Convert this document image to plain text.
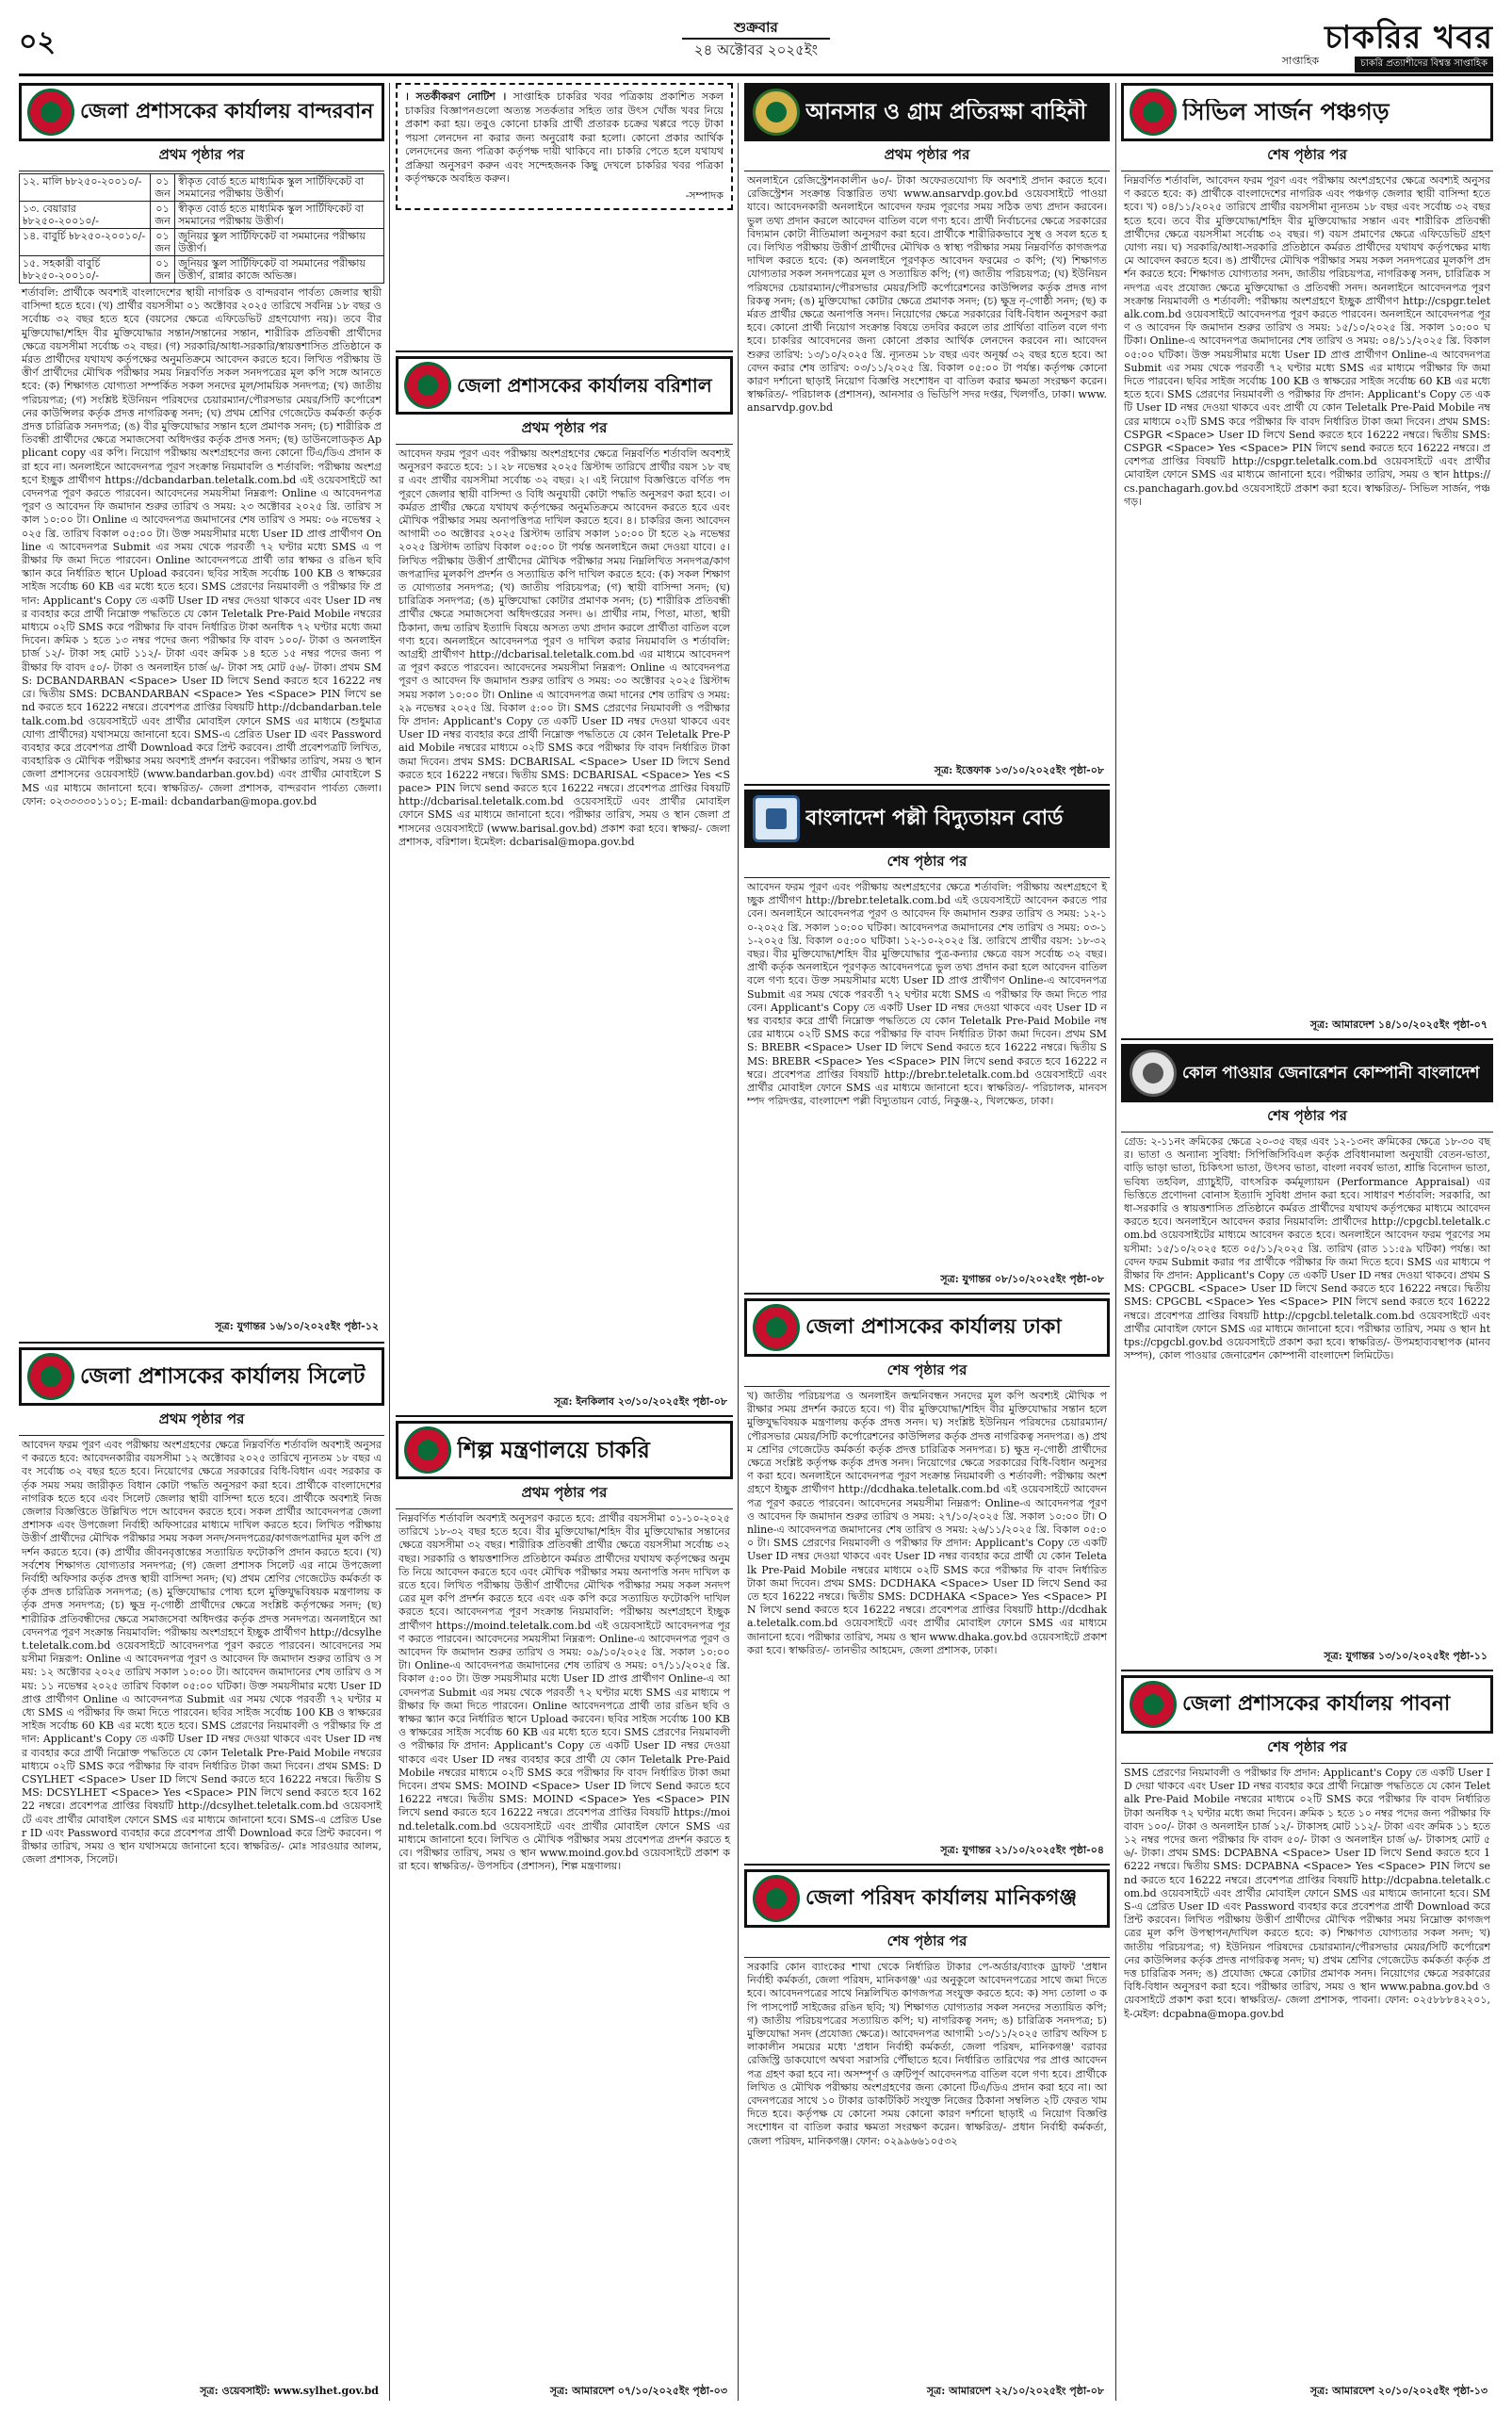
০২	শুক্রবার
২৪ অক্টোবর ২০২৫ইং
সাপ্তাহিক
চাকরির খবর
চাকরি প্রত্যাশীদের বিশ্বস্ত সাপ্তাহিক
জেলা প্রশাসকের কার্যালয় বান্দরবান
প্রথম পৃষ্ঠার পর
১২. মালি ৳৮২৫০-২০০১০/-	০১ জন	স্বীকৃত বোর্ড হতে মাধ্যমিক স্কুল সার্টিফিকেট বা সমমানের পরীক্ষায় উত্তীর্ণ।
১৩. বেয়ারার ৳৮২৫০-২০০১০/-	০১ জন	স্বীকৃত বোর্ড হতে মাধ্যমিক স্কুল সার্টিফিকেট বা সমমানের পরীক্ষায় উত্তীর্ণ।
১৪. বাবুর্চি ৳৮২৫০-২০০১০/-	০১ জন	জুনিয়র স্কুল সার্টিফিকেট বা সমমানের পরীক্ষায় উত্তীর্ণ।
১৫. সহকারী বাবুর্চি ৳৮২৫০-২০০১০/-	০১ জন	জুনিয়র স্কুল সার্টিফিকেট বা সমমানের পরীক্ষায় উত্তীর্ণ, রান্নার কাজে অভিজ্ঞ।
শর্তাবলি: প্রার্থীকে অবশ্যই বাংলাদেশের স্থায়ী নাগরিক ও বান্দরবান পার্বত্য জেলার স্থায়ী বাসিন্দা হতে হবে। (খ) প্রার্থীর বয়সসীমা ০১ অক্টোবর ২০২৫ তারিখে সর্বনিম্ন ১৮ বছর ও সর্বোচ্চ ৩২ বছর হতে হবে (বয়সের ক্ষেত্রে এফিডেভিট গ্রহণযোগ্য নয়)। তবে বীর মুক্তিযোদ্ধা/শহিদ বীর মুক্তিযোদ্ধার সন্তান/সন্তানের সন্তান, শারীরিক প্রতিবন্ধী প্রার্থীদের ক্ষেত্রে বয়সসীমা সর্বোচ্চ ৩২ বছর। (গ) সরকারি/আধা-সরকারি/স্বায়ত্তশাসিত প্রতিষ্ঠানে কর্মরত প্রার্থীদের যথাযথ কর্তৃপক্ষের অনুমতিক্রমে আবেদন করতে হবে। লিখিত পরীক্ষায় উত্তীর্ণ প্রার্থীদের মৌখিক পরীক্ষার সময় নিম্নবর্ণিত সকল সনদপত্রের মূল কপি সঙ্গে আনতে হবে: (ক) শিক্ষাগত যোগ্যতা সম্পর্কিত সকল সনদের মূল/সাময়িক সনদপত্র; (খ) জাতীয় পরিচয়পত্র; (গ) সংশ্লিষ্ট ইউনিয়ন পরিষদের চেয়ারম্যান/পৌরসভার মেয়র/সিটি কর্পোরেশনের কাউন্সিলর কর্তৃক প্রদত্ত নাগরিকত্ব সনদ; (ঘ) প্রথম শ্রেণির গেজেটেড কর্মকর্তা কর্তৃক প্রদত্ত চারিত্রিক সনদপত্র; (ঙ) বীর মুক্তিযোদ্ধার সন্তান হলে প্রমাণক সনদ; (চ) শারীরিক প্রতিবন্ধী প্রার্থীদের ক্ষেত্রে সমাজসেবা অধিদপ্তর কর্তৃক প্রদত্ত সনদ; (ছ) ডাউনলোডকৃত Applicant copy এর কপি। নিয়োগ পরীক্ষায় অংশগ্রহণের জন্য কোনো টিএ/ডিএ প্রদান করা হবে না। অনলাইনে আবেদনপত্র পূরণ সংক্রান্ত নিয়মাবলি ও শর্তাবলি: পরীক্ষায় অংশগ্রহণে ইচ্ছুক প্রার্থীগণ https://dcbandarban.teletalk.com.bd এই ওয়েবসাইটে আবেদনপত্র পূরণ করতে পারবেন। আবেদনের সময়সীমা নিম্নরূপ: Online এ আবেদনপত্র পূরণ ও আবেদন ফি জমাদান শুরুর তারিখ ও সময়: ২৩ অক্টোবর ২০২৫ খ্রি. তারিখ সকাল ১০:০০ টা। Online এ আবেদনপত্র জমাদানের শেষ তারিখ ও সময়: ০৬ নভেম্বর ২০২৫ খ্রি. তারিখ বিকাল ০৫:০০ টা। উক্ত সময়সীমার মধ্যে User ID প্রাপ্ত প্রার্থীগণ Online এ আবেদনপত্র Submit এর সময় থেকে পরবর্তী ৭২ ঘণ্টার মধ্যে SMS এ পরীক্ষার ফি জমা দিতে পারবেন। Online আবেদনপত্রে প্রার্থী তার স্বাক্ষর ও রঙিন ছবি স্ক্যান করে নির্ধারিত স্থানে Upload করবেন। ছবির সাইজ সর্বোচ্চ 100 KB ও স্বাক্ষরের সাইজ সর্বোচ্চ 60 KB এর মধ্যে হতে হবে। SMS প্রেরণের নিয়মাবলী ও পরীক্ষার ফি প্রদান: Applicant's Copy তে একটি User ID নম্বর দেওয়া থাকবে এবং User ID নম্বর ব্যবহার করে প্রার্থী নিম্নোক্ত পদ্ধতিতে যে কোন Teletalk Pre-Paid Mobile নম্বরের মাধ্যমে ০২টি SMS করে পরীক্ষার ফি বাবদ নির্ধারিত টাকা অনধিক ৭২ ঘণ্টার মধ্যে জমা দিবেন। ক্রমিক ১ হতে ১৩ নম্বর পদের জন্য পরীক্ষার ফি বাবদ ১০০/- টাকা ও অনলাইন চার্জ ১২/- টাকা সহ মোট ১১২/- টাকা এবং ক্রমিক ১৪ হতে ১৫ নম্বর পদের জন্য পরীক্ষার ফি বাবদ ৫০/- টাকা ও অনলাইন চার্জ ৬/- টাকা সহ মোট ৫৬/- টাকা। প্রথম SMS: DCBANDARBAN <Space> User ID লিখে Send করতে হবে 16222 নম্বরে। দ্বিতীয় SMS: DCBANDARBAN <Space> Yes <Space> PIN লিখে send করতে হবে 16222 নম্বরে। প্রবেশপত্র প্রাপ্তির বিষয়টি http://dcbandarban.teletalk.com.bd ওয়েবসাইটে এবং প্রার্থীর মোবাইল ফোনে SMS এর মাধ্যমে (শুধুমাত্র যোগ্য প্রার্থীদের) যথাসময়ে জানানো হবে। SMS-এ প্রেরিত User ID এবং Password ব্যবহার করে প্রবেশপত্র প্রার্থী Download করে প্রিন্ট করবেন। প্রার্থী প্রবেশপত্রটি লিখিত, ব্যবহারিক ও মৌখিক পরীক্ষার সময় অবশ্যই প্রদর্শন করবেন। পরীক্ষার তারিখ, সময় ও স্থান জেলা প্রশাসনের ওয়েবসাইট (www.bandarban.gov.bd) এবং প্রার্থীর মোবাইলে SMS এর মাধ্যমে জানানো হবে। স্বাক্ষরিত/- জেলা প্রশাসক, বান্দরবান পার্বত্য জেলা। ফোন: ০২৩৩৩৩০১১০১; E-mail: dcbandarban@mopa.gov.bd
সূত্র: যুগান্তর ১৬/১০/২০২৫ইং পৃষ্ঠা-১২
জেলা প্রশাসকের কার্যালয় সিলেট
প্রথম পৃষ্ঠার পর
আবেদন ফরম পূরণ এবং পরীক্ষায় অংশগ্রহণের ক্ষেত্রে নিম্নবর্ণিত শর্তাবলি অবশ্যই অনুসরণ করতে হবে: আবেদনকারীর বয়সসীমা ১২ অক্টোবর ২০২৫ তারিখে ন্যূনতম ১৮ বছর এবং সর্বোচ্চ ৩২ বছর হতে হবে। নিয়োগের ক্ষেত্রে সরকারের বিধি-বিধান এবং সরকার কর্তৃক সময় সময় জারীকৃত বিধান কোটা পদ্ধতি অনুসরণ করা হবে। প্রার্থীকে বাংলাদেশের নাগরিক হতে হবে এবং সিলেট জেলার স্থায়ী বাসিন্দা হতে হবে। প্রার্থীকে অবশ্যই নিজ জেলার বিজ্ঞপ্তিতে উল্লিখিত পদে আবেদন করতে হবে। সকল প্রার্থীর আবেদনপত্র জেলা প্রশাসক এবং উপজেলা নির্বাহী অফিসারের মাধ্যমে দাখিল করতে হবে। লিখিত পরীক্ষায় উত্তীর্ণ প্রার্থীদের মৌখিক পরীক্ষার সময় সকল সনদ/সনদপত্রের/কাগজপত্রাদির মূল কপি প্রদর্শন করতে হবে। (ক) প্রার্থীর জীবনবৃত্তান্তের সত্যায়িত ফটোকপি প্রদান করতে হবে। (খ) সর্বশেষ শিক্ষাগত যোগ্যতার সনদপত্র; (গ) জেলা প্রশাসক সিলেট এর নামে উপজেলা নির্বাহী অফিসার কর্তৃক প্রদত্ত স্থায়ী বাসিন্দা সনদ; (ঘ) প্রথম শ্রেণির গেজেটেড কর্মকর্তা কর্তৃক প্রদত্ত চারিত্রিক সনদপত্র; (ঙ) মুক্তিযোদ্ধার পোষ্য হলে মুক্তিযুদ্ধবিষয়ক মন্ত্রণালয় কর্তৃক প্রদত্ত সনদপত্র; (চ) ক্ষুদ্র নৃ-গোষ্ঠী প্রার্থীদের ক্ষেত্রে সংশ্লিষ্ট কর্তৃপক্ষের সনদ; (ছ) শারীরিক প্রতিবন্ধীদের ক্ষেত্রে সমাজসেবা অধিদপ্তর কর্তৃক প্রদত্ত সনদপত্র। অনলাইনে আবেদনপত্র পূরণ সংক্রান্ত নিয়মাবলি: পরীক্ষায় অংশগ্রহণে ইচ্ছুক প্রার্থীগণ http://dcsylhet.teletalk.com.bd ওয়েবসাইটে আবেদনপত্র পূরণ করতে পারবেন। আবেদনের সময়সীমা নিম্নরূপ: Online এ আবেদনপত্র পূরণ ও আবেদন ফি জমাদান শুরুর তারিখ ও সময়: ১২ অক্টোবর ২০২৫ তারিখ সকাল ১০:০০ টা। আবেদন জমাদানের শেষ তারিখ ও সময়: ১১ নভেম্বর ২০২৫ তারিখ বিকাল ০৫:০০ ঘটিকা। উক্ত সময়সীমার মধ্যে User ID প্রাপ্ত প্রার্থীগণ Online এ আবেদনপত্র Submit এর সময় থেকে পরবর্তী ৭২ ঘণ্টার মধ্যে SMS এ পরীক্ষার ফি জমা দিতে পারবেন। ছবির সাইজ সর্বোচ্চ 100 KB ও স্বাক্ষরের সাইজ সর্বোচ্চ 60 KB এর মধ্যে হতে হবে। SMS প্রেরণের নিয়মাবলী ও পরীক্ষার ফি প্রদান: Applicant's Copy তে একটি User ID নম্বর দেওয়া থাকবে এবং User ID নম্বর ব্যবহার করে প্রার্থী নিম্নোক্ত পদ্ধতিতে যে কোন Teletalk Pre-Paid Mobile নম্বরের মাধ্যমে ০২টি SMS করে পরীক্ষার ফি বাবদ নির্ধারিত টাকা জমা দিবেন। প্রথম SMS: DCSYLHET <Space> User ID লিখে Send করতে হবে 16222 নম্বরে। দ্বিতীয় SMS: DCSYLHET <Space> Yes <Space> PIN লিখে send করতে হবে 16222 নম্বরে। প্রবেশপত্র প্রাপ্তির বিষয়টি http://dcsylhet.teletalk.com.bd ওয়েবসাইটে এবং প্রার্থীর মোবাইল ফোনে SMS এর মাধ্যমে জানানো হবে। SMS-এ প্রেরিত User ID এবং Password ব্যবহার করে প্রবেশপত্র প্রার্থী Download করে প্রিন্ট করবেন। পরীক্ষার তারিখ, সময় ও স্থান যথাসময়ে জানানো হবে। স্বাক্ষরিত/- মোঃ সারওয়ার আলম, জেলা প্রশাসক, সিলেট।
সূত্র: ওয়েবসাইট: www.sylhet.gov.bd
। সতর্কীকরণ নোটিশ । সাপ্তাহিক চাকরির খবর পত্রিকায় প্রকাশিত সকল চাকরির বিজ্ঞাপনগুলো অত্যন্ত সতর্কতার সহিত তার উৎস খোঁজ খবর নিয়ে প্রকাশ করা হয়। তবুও কোনো চাকরি প্রার্থী প্রতারক চক্রের খপ্পরে পড়ে টাকা পয়সা লেনদেন না করার জন্য অনুরোধ করা হলো। কোনো প্রকার আর্থিক লেনদেনের জন্য পত্রিকা কর্তৃপক্ষ দায়ী থাকিবে না। চাকরি পেতে হলে যথাযথ প্রক্রিয়া অনুসরণ করুন এবং সন্দেহজনক কিছু দেখলে চাকরির খবর পত্রিকা কর্তৃপক্ষকে অবহিত করুন।
-সম্পাদক
জেলা প্রশাসকের কার্যালয় বরিশাল
প্রথম পৃষ্ঠার পর
আবেদন ফরম পূরণ এবং পরীক্ষায় অংশগ্রহণের ক্ষেত্রে নিম্নবর্ণিত শর্তাবলি অবশ্যই অনুসরণ করতে হবে: ১। ২৮ নভেম্বর ২০২৫ খ্রিস্টাব্দ তারিখে প্রার্থীর বয়স ১৮ বছর এবং প্রার্থীর বয়সসীমা সর্বোচ্চ ৩২ বছর। ২। এই নিয়োগ বিজ্ঞপ্তিতে বর্ণিত পদ পূরণে জেলার স্থায়ী বাসিন্দা ও বিধি অনুযায়ী কোটা পদ্ধতি অনুসরণ করা হবে। ৩। কর্মরত প্রার্থীর ক্ষেত্রে যথাযথ কর্তৃপক্ষের অনুমতিক্রমে আবেদন করতে হবে এবং মৌখিক পরীক্ষার সময় অনাপত্তিপত্র দাখিল করতে হবে। ৪। চাকরির জন্য আবেদন আগামী ৩০ অক্টোবর ২০২৫ খ্রিস্টাব্দ তারিখ সকাল ১০:০০ টা হতে ২৯ নভেম্বর ২০২৫ খ্রিস্টাব্দ তারিখ বিকাল ০৫:০০ টা পর্যন্ত অনলাইনে জমা দেওয়া যাবে। ৫। লিখিত পরীক্ষায় উত্তীর্ণ প্রার্থীদের মৌখিক পরীক্ষার সময় নিম্নলিখিত সনদপত্র/কাগজপত্রাদির মূলকপি প্রদর্শন ও সত্যায়িত কপি দাখিল করতে হবে: (ক) সকল শিক্ষাগত যোগ্যতার সনদপত্র; (খ) জাতীয় পরিচয়পত্র; (গ) স্থায়ী বাসিন্দা সনদ; (ঘ) চারিত্রিক সনদপত্র; (ঙ) মুক্তিযোদ্ধা কোটার প্রমাণক সনদ; (চ) শারীরিক প্রতিবন্ধী প্রার্থীর ক্ষেত্রে সমাজসেবা অধিদপ্তরের সনদ। ৬। প্রার্থীর নাম, পিতা, মাতা, স্থায়ী ঠিকানা, জন্ম তারিখ ইত্যাদি বিষয়ে অসত্য তথ্য প্রদান করলে প্রার্থীতা বাতিল বলে গণ্য হবে। অনলাইনে আবেদনপত্র পূরণ ও দাখিল করার নিয়মাবলি ও শর্তাবলি: আগ্রহী প্রার্থীগণ http://dcbarisal.teletalk.com.bd এর মাধ্যমে আবেদনপত্র পূরণ করতে পারবেন। আবেদনের সময়সীমা নিম্নরূপ: Online এ আবেদনপত্র পূরণ ও আবেদন ফি জমাদান শুরুর তারিখ ও সময়: ৩০ অক্টোবর ২০২৫ খ্রিস্টাব্দ সময় সকাল ১০:০০ টা। Online এ আবেদনপত্র জমা দানের শেষ তারিখ ও সময়: ২৯ নভেম্বর ২০২৫ খ্রি. বিকাল ৫:০০ টা। SMS প্রেরণের নিয়মাবলী ও পরীক্ষার ফি প্রদান: Applicant's Copy তে একটি User ID নম্বর দেওয়া থাকবে এবং User ID নম্বর ব্যবহার করে প্রার্থী নিম্নোক্ত পদ্ধতিতে যে কোন Teletalk Pre-Paid Mobile নম্বরের মাধ্যমে ০২টি SMS করে পরীক্ষার ফি বাবদ নির্ধারিত টাকা জমা দিবেন। প্রথম SMS: DCBARISAL <Space> User ID লিখে Send করতে হবে 16222 নম্বরে। দ্বিতীয় SMS: DCBARISAL <Space> Yes <Space> PIN লিখে send করতে হবে 16222 নম্বরে। প্রবেশপত্র প্রাপ্তির বিষয়টি http://dcbarisal.teletalk.com.bd ওয়েবসাইটে এবং প্রার্থীর মোবাইল ফোনে SMS এর মাধ্যমে জানানো হবে। পরীক্ষার তারিখ, সময় ও স্থান জেলা প্রশাসনের ওয়েবসাইটে (www.barisal.gov.bd) প্রকাশ করা হবে। স্বাক্ষর/- জেলা প্রশাসক, বরিশাল। ইমেইল: dcbarisal@mopa.gov.bd
সূত্র: ইনকিলাব ২৩/১০/২০২৫ইং পৃষ্ঠা-০৮
শিল্প মন্ত্রণালয়ে চাকরি
প্রথম পৃষ্ঠার পর
নিম্নবর্ণিত শর্তাবলি অবশ্যই অনুসরণ করতে হবে: প্রার্থীর বয়সসীমা ০১-১০-২০২৫ তারিখে ১৮-৩২ বছর হতে হবে। বীর মুক্তিযোদ্ধা/শহিদ বীর মুক্তিযোদ্ধার সন্তানের ক্ষেত্রে বয়সসীমা ৩২ বছর। শারীরিক প্রতিবন্ধী প্রার্থীর ক্ষেত্রে বয়সসীমা সর্বোচ্চ ৩২ বছর। সরকারি ও স্বায়ত্তশাসিত প্রতিষ্ঠানে কর্মরত প্রার্থীদের যথাযথ কর্তৃপক্ষের অনুমতি নিয়ে আবেদন করতে হবে এবং মৌখিক পরীক্ষার সময় অনাপত্তি সনদ দাখিল করতে হবে। লিখিত পরীক্ষায় উত্তীর্ণ প্রার্থীদের মৌখিক পরীক্ষার সময় সকল সনদপত্রের মূল কপি প্রদর্শন করতে হবে এবং এক কপি করে সত্যায়িত ফটোকপি দাখিল করতে হবে। আবেদনপত্র পূরণ সংক্রান্ত নিয়মাবলি: পরীক্ষায় অংশগ্রহণে ইচ্ছুক প্রার্থীগণ https://moind.teletalk.com.bd এই ওয়েবসাইটে আবেদনপত্র পূরণ করতে পারবেন। আবেদনের সময়সীমা নিম্নরূপ: Online-এ আবেদনপত্র পূরণ ও আবেদন ফি জমাদান শুরুর তারিখ ও সময়: ০৯/১০/২০২৫ খ্রি. সকাল ১০:০০ টা। Online-এ আবেদনপত্র জমাদানের শেষ তারিখ ও সময়: ০৭/১১/২০২৫ খ্রি. বিকাল ৫:০০ টা। উক্ত সময়সীমার মধ্যে User ID প্রাপ্ত প্রার্থীগণ Online-এ আবেদনপত্র Submit এর সময় থেকে পরবর্তী ৭২ ঘণ্টার মধ্যে SMS এর মাধ্যমে পরীক্ষার ফি জমা দিতে পারবেন। Online আবেদনপত্রে প্রার্থী তার রঙিন ছবি ও স্বাক্ষর স্ক্যান করে নির্ধারিত স্থানে Upload করবেন। ছবির সাইজ সর্বোচ্চ 100 KB ও স্বাক্ষরের সাইজ সর্বোচ্চ 60 KB এর মধ্যে হতে হবে। SMS প্রেরণের নিয়মাবলী ও পরীক্ষার ফি প্রদান: Applicant's Copy তে একটি User ID নম্বর দেওয়া থাকবে এবং User ID নম্বর ব্যবহার করে প্রার্থী যে কোন Teletalk Pre-Paid Mobile নম্বরের মাধ্যমে ০২টি SMS করে পরীক্ষার ফি বাবদ নির্ধারিত টাকা জমা দিবেন। প্রথম SMS: MOIND <Space> User ID লিখে Send করতে হবে 16222 নম্বরে। দ্বিতীয় SMS: MOIND <Space> Yes <Space> PIN লিখে send করতে হবে 16222 নম্বরে। প্রবেশপত্র প্রাপ্তির বিষয়টি https://moind.teletalk.com.bd ওয়েবসাইটে এবং প্রার্থীর মোবাইল ফোনে SMS এর মাধ্যমে জানানো হবে। লিখিত ও মৌখিক পরীক্ষার সময় প্রবেশপত্র প্রদর্শন করতে হবে। পরীক্ষার তারিখ, সময় ও স্থান www.moind.gov.bd ওয়েবসাইটে প্রকাশ করা হবে। স্বাক্ষরিত/- উপসচিব (প্রশাসন), শিল্প মন্ত্রণালয়।
সূত্র: আমারদেশ ০৭/১০/২০২৫ইং পৃষ্ঠা-০৩
আনসার ও গ্রাম প্রতিরক্ষা বাহিনী
প্রথম পৃষ্ঠার পর
অনলাইনে রেজিস্ট্রেশনকালীন ৬০/- টাকা অফেরতযোগ্য ফি অবশ্যই প্রদান করতে হবে। রেজিস্ট্রেশন সংক্রান্ত বিস্তারিত তথ্য www.ansarvdp.gov.bd ওয়েবসাইটে পাওয়া যাবে। আবেদনকারী অনলাইনে আবেদন ফরম পূরণের সময় সঠিক তথ্য প্রদান করবেন। ভুল তথ্য প্রদান করলে আবেদন বাতিল বলে গণ্য হবে। প্রার্থী নির্বাচনের ক্ষেত্রে সরকারের বিদ্যমান কোটা নীতিমালা অনুসরণ করা হবে। প্রার্থীকে শারীরিকভাবে সুস্থ ও সবল হতে হবে। লিখিত পরীক্ষায় উত্তীর্ণ প্রার্থীদের মৌখিক ও স্বাস্থ্য পরীক্ষার সময় নিম্নবর্ণিত কাগজপত্র দাখিল করতে হবে: (ক) অনলাইনে পূরণকৃত আবেদন ফরমের ৩ কপি; (খ) শিক্ষাগত যোগ্যতার সকল সনদপত্রের মূল ও সত্যায়িত কপি; (গ) জাতীয় পরিচয়পত্র; (ঘ) ইউনিয়ন পরিষদের চেয়ারম্যান/পৌরসভার মেয়র/সিটি কর্পোরেশনের কাউন্সিলর কর্তৃক প্রদত্ত নাগরিকত্ব সনদ; (ঙ) মুক্তিযোদ্ধা কোটার ক্ষেত্রে প্রমাণক সনদ; (চ) ক্ষুদ্র নৃ-গোষ্ঠী সনদ; (ছ) কর্মরত প্রার্থীর ক্ষেত্রে অনাপত্তি সনদ। নিয়োগের ক্ষেত্রে সরকারের বিধি-বিধান অনুসরণ করা হবে। কোনো প্রার্থী নিয়োগ সংক্রান্ত বিষয়ে তদবির করলে তার প্রার্থিতা বাতিল বলে গণ্য হবে। চাকরির আবেদনের জন্য কোনো প্রকার আর্থিক লেনদেন করবেন না। আবেদন শুরুর তারিখ: ১৩/১০/২০২৫ খ্রি. ন্যূনতম ১৮ বছর এবং অনূর্ধ্ব ৩২ বছর হতে হবে। আবেদন করার শেষ তারিখ: ০৩/১১/২০২৫ খ্রি. বিকাল ০৫:০০ টা পর্যন্ত। কর্তৃপক্ষ কোনো কারণ দর্শানো ছাড়াই নিয়োগ বিজ্ঞপ্তি সংশোধন বা বাতিল করার ক্ষমতা সংরক্ষণ করেন। স্বাক্ষরিত/- পরিচালক (প্রশাসন), আনসার ও ভিডিপি সদর দপ্তর, খিলগাঁও, ঢাকা। www.ansarvdp.gov.bd
সূত্র: ইত্তেফাক ১৩/১০/২০২৫ইং পৃষ্ঠা-০৮
বাংলাদেশ পল্লী বিদ্যুতায়ন বোর্ড
শেষ পৃষ্ঠার পর
আবেদন ফরম পূরণ এবং পরীক্ষায় অংশগ্রহণের ক্ষেত্রে শর্তাবলি: পরীক্ষায় অংশগ্রহণে ইচ্ছুক প্রার্থীগণ http://brebr.teletalk.com.bd এই ওয়েবসাইটে আবেদন করতে পারবেন। অনলাইনে আবেদনপত্র পূরণ ও আবেদন ফি জমাদান শুরুর তারিখ ও সময়: ১২-১০-২০২৫ খ্রি. সকাল ১০:০০ ঘটিকা। আবেদনপত্র জমাদানের শেষ তারিখ ও সময়: ০৩-১১-২০২৫ খ্রি. বিকাল ০৫:০০ ঘটিকা। ১২-১০-২০২৫ খ্রি. তারিখে প্রার্থীর বয়স: ১৮-৩২ বছর। বীর মুক্তিযোদ্ধা/শহিদ বীর মুক্তিযোদ্ধার পুত্র-কন্যার ক্ষেত্রে বয়স সর্বোচ্চ ৩২ বছর। প্রার্থী কর্তৃক অনলাইনে পূরণকৃত আবেদনপত্রে ভুল তথ্য প্রদান করা হলে আবেদন বাতিল বলে গণ্য হবে। উক্ত সময়সীমার মধ্যে User ID প্রাপ্ত প্রার্থীগণ Online-এ আবেদনপত্র Submit এর সময় থেকে পরবর্তী ৭২ ঘণ্টার মধ্যে SMS এ পরীক্ষার ফি জমা দিতে পারবেন। Applicant's Copy তে একটি User ID নম্বর দেওয়া থাকবে এবং User ID নম্বর ব্যবহার করে প্রার্থী নিম্নোক্ত পদ্ধতিতে যে কোন Teletalk Pre-Paid Mobile নম্বরের মাধ্যমে ০২টি SMS করে পরীক্ষার ফি বাবদ নির্ধারিত টাকা জমা দিবেন। প্রথম SMS: BREBR <Space> User ID লিখে Send করতে হবে 16222 নম্বরে। দ্বিতীয় SMS: BREBR <Space> Yes <Space> PIN লিখে send করতে হবে 16222 নম্বরে। প্রবেশপত্র প্রাপ্তির বিষয়টি http://brebr.teletalk.com.bd ওয়েবসাইটে এবং প্রার্থীর মোবাইল ফোনে SMS এর মাধ্যমে জানানো হবে। স্বাক্ষরিত/- পরিচালক, মানবসম্পদ পরিদপ্তর, বাংলাদেশ পল্লী বিদ্যুতায়ন বোর্ড, নিকুঞ্জ-২, খিলক্ষেত, ঢাকা।
সূত্র: যুগান্তর ০৮/১০/২০২৫ইং পৃষ্ঠা-০৮
জেলা প্রশাসকের কার্যালয় ঢাকা
শেষ পৃষ্ঠার পর
খ) জাতীয় পরিচয়পত্র ও অনলাইন জন্মনিবন্ধন সনদের মূল কপি অবশ্যই মৌখিক পরীক্ষার সময় প্রদর্শন করতে হবে। গ) বীর মুক্তিযোদ্ধা/শহিদ বীর মুক্তিযোদ্ধার সন্তান হলে মুক্তিযুদ্ধবিষয়ক মন্ত্রণালয় কর্তৃক প্রদত্ত সনদ। ঘ) সংশ্লিষ্ট ইউনিয়ন পরিষদের চেয়ারম্যান/পৌরসভার মেয়র/সিটি কর্পোরেশনের কাউন্সিলর কর্তৃক প্রদত্ত নাগরিকত্ব সনদপত্র। ঙ) প্রথম শ্রেণির গেজেটেড কর্মকর্তা কর্তৃক প্রদত্ত চারিত্রিক সনদপত্র। চ) ক্ষুদ্র নৃ-গোষ্ঠী প্রার্থীদের ক্ষেত্রে সংশ্লিষ্ট কর্তৃপক্ষ কর্তৃক প্রদত্ত সনদ। নিয়োগের ক্ষেত্রে সরকারের বিধি-বিধান অনুসরণ করা হবে। অনলাইনে আবেদনপত্র পূরণ সংক্রান্ত নিয়মাবলী ও শর্তাবলী: পরীক্ষায় অংশগ্রহণে ইচ্ছুক প্রার্থীগণ http://dcdhaka.teletalk.com.bd এই ওয়েবসাইটে আবেদনপত্র পূরণ করতে পারবেন। আবেদনের সময়সীমা নিম্নরূপ: Online-এ আবেদনপত্র পূরণ ও আবেদন ফি জমাদান শুরুর তারিখ ও সময়: ২৭/১০/২০২৫ খ্রি. সকাল ১০:০০ টা। Online-এ আবেদনপত্র জমাদানের শেষ তারিখ ও সময়: ২৬/১১/২০২৫ খ্রি. বিকাল ০৫:০০ টা। SMS প্রেরণের নিয়মাবলী ও পরীক্ষার ফি প্রদান: Applicant's Copy তে একটি User ID নম্বর দেওয়া থাকবে এবং User ID নম্বর ব্যবহার করে প্রার্থী যে কোন Teletalk Pre-Paid Mobile নম্বরের মাধ্যমে ০২টি SMS করে পরীক্ষার ফি বাবদ নির্ধারিত টাকা জমা দিবেন। প্রথম SMS: DCDHAKA <Space> User ID লিখে Send করতে হবে 16222 নম্বরে। দ্বিতীয় SMS: DCDHAKA <Space> Yes <Space> PIN লিখে send করতে হবে 16222 নম্বরে। প্রবেশপত্র প্রাপ্তির বিষয়টি http://dcdhaka.teletalk.com.bd ওয়েবসাইটে এবং প্রার্থীর মোবাইল ফোনে SMS এর মাধ্যমে জানানো হবে। পরীক্ষার তারিখ, সময় ও স্থান www.dhaka.gov.bd ওয়েবসাইটে প্রকাশ করা হবে। স্বাক্ষরিত/- তানভীর আহমেদ, জেলা প্রশাসক, ঢাকা।
সূত্র: যুগান্তর ২১/১০/২০২৫ইং পৃষ্ঠা-০৪
জেলা পরিষদ কার্যালয় মানিকগঞ্জ
শেষ পৃষ্ঠার পর
সরকারি কোন ব্যাংকের শাখা থেকে নির্ধারিত টাকার পে-অর্ডার/ব্যাংক ড্রাফট 'প্রধান নির্বাহী কর্মকর্তা, জেলা পরিষদ, মানিকগঞ্জ' এর অনুকূলে আবেদনপত্রের সাথে জমা দিতে হবে। আবেদনপত্রের সাথে নিম্নলিখিত কাগজপত্র সংযুক্ত করতে হবে: ক) সদ্য তোলা ৩ কপি পাসপোর্ট সাইজের রঙিন ছবি; খ) শিক্ষাগত যোগ্যতার সকল সনদের সত্যায়িত কপি; গ) জাতীয় পরিচয়পত্রের সত্যায়িত কপি; ঘ) নাগরিকত্ব সনদ; ঙ) চারিত্রিক সনদপত্র; চ) মুক্তিযোদ্ধা সনদ (প্রযোজ্য ক্ষেত্রে)। আবেদনপত্র আগামী ১৩/১১/২০২৫ তারিখ অফিস চলাকালীন সময়ের মধ্যে 'প্রধান নির্বাহী কর্মকর্তা, জেলা পরিষদ, মানিকগঞ্জ' বরাবর রেজিস্ট্রি ডাকযোগে অথবা সরাসরি পৌঁছাতে হবে। নির্ধারিত তারিখের পর প্রাপ্ত আবেদনপত্র গ্রহণ করা হবে না। অসম্পূর্ণ ও ত্রুটিপূর্ণ আবেদনপত্র বাতিল বলে গণ্য হবে। প্রার্থীকে লিখিত ও মৌখিক পরীক্ষায় অংশগ্রহণের জন্য কোনো টিএ/ডিএ প্রদান করা হবে না। আবেদনপত্রের সাথে ১০ টাকার ডাকটিকিট সংযুক্ত নিজের ঠিকানা সম্বলিত ২টি ফেরত খাম দিতে হবে। কর্তৃপক্ষ যে কোনো সময় কোনো কারণ দর্শানো ছাড়াই এ নিয়োগ বিজ্ঞপ্তি সংশোধন বা বাতিল করার ক্ষমতা সংরক্ষণ করেন। স্বাক্ষরিত/- প্রধান নির্বাহী কর্মকর্তা, জেলা পরিষদ, মানিকগঞ্জ। ফোন: ০২৯৯৬৬১০৫৩২
সূত্র: আমারদেশ ২২/১০/২০২৫ইং পৃষ্ঠা-০৮
সিভিল সার্জন পঞ্চগড়
শেষ পৃষ্ঠার পর
নিম্নবর্ণিত শর্তাবলি, আবেদন ফরম পূরণ এবং পরীক্ষায় অংশগ্রহণের ক্ষেত্রে অবশ্যই অনুসরণ করতে হবে: ক) প্রার্থীকে বাংলাদেশের নাগরিক এবং পঞ্চগড় জেলার স্থায়ী বাসিন্দা হতে হবে। খ) ০৪/১১/২০২৫ তারিখে প্রার্থীর বয়সসীমা ন্যূনতম ১৮ বছর এবং সর্বোচ্চ ৩২ বছর হতে হবে। তবে বীর মুক্তিযোদ্ধা/শহিদ বীর মুক্তিযোদ্ধার সন্তান এবং শারীরিক প্রতিবন্ধী প্রার্থীদের ক্ষেত্রে বয়সসীমা সর্বোচ্চ ৩২ বছর। গ) বয়স প্রমাণের ক্ষেত্রে এফিডেভিট গ্রহণযোগ্য নয়। ঘ) সরকারি/আধা-সরকারি প্রতিষ্ঠানে কর্মরত প্রার্থীদের যথাযথ কর্তৃপক্ষের মাধ্যমে আবেদন করতে হবে। ঙ) প্রার্থীদের মৌখিক পরীক্ষার সময় সকল সনদপত্রের মূলকপি প্রদর্শন করতে হবে: শিক্ষাগত যোগ্যতার সনদ, জাতীয় পরিচয়পত্র, নাগরিকত্ব সনদ, চারিত্রিক সনদপত্র এবং প্রযোজ্য ক্ষেত্রে মুক্তিযোদ্ধা ও প্রতিবন্ধী সনদ। অনলাইনে আবেদনপত্র পূরণ সংক্রান্ত নিয়মাবলী ও শর্তাবলী: পরীক্ষায় অংশগ্রহণে ইচ্ছুক প্রার্থীগণ http://cspgr.teletalk.com.bd ওয়েবসাইটে আবেদনপত্র পূরণ করতে পারবেন। অনলাইনে আবেদনপত্র পূরণ ও আবেদন ফি জমাদান শুরুর তারিখ ও সময়: ১৫/১০/২০২৫ খ্রি. সকাল ১০:০০ ঘটিকা। Online-এ আবেদনপত্র জমাদানের শেষ তারিখ ও সময়: ০৪/১১/২০২৫ খ্রি. বিকাল ০৫:০০ ঘটিকা। উক্ত সময়সীমার মধ্যে User ID প্রাপ্ত প্রার্থীগণ Online-এ আবেদনপত্র Submit এর সময় থেকে পরবর্তী ৭২ ঘণ্টার মধ্যে SMS এর মাধ্যমে পরীক্ষার ফি জমা দিতে পারবেন। ছবির সাইজ সর্বোচ্চ 100 KB ও স্বাক্ষরের সাইজ সর্বোচ্চ 60 KB এর মধ্যে হতে হবে। SMS প্রেরণের নিয়মাবলী ও পরীক্ষার ফি প্রদান: Applicant's Copy তে একটি User ID নম্বর দেওয়া থাকবে এবং প্রার্থী যে কোন Teletalk Pre-Paid Mobile নম্বরের মাধ্যমে ০২টি SMS করে পরীক্ষার ফি বাবদ নির্ধারিত টাকা জমা দিবেন। প্রথম SMS: CSPGR <Space> User ID লিখে Send করতে হবে 16222 নম্বরে। দ্বিতীয় SMS: CSPGR <Space> Yes <Space> PIN লিখে send করতে হবে 16222 নম্বরে। প্রবেশপত্র প্রাপ্তির বিষয়টি http://cspgr.teletalk.com.bd ওয়েবসাইটে এবং প্রার্থীর মোবাইল ফোনে SMS এর মাধ্যমে জানানো হবে। পরীক্ষার তারিখ, সময় ও স্থান https://cs.panchagarh.gov.bd ওয়েবসাইটে প্রকাশ করা হবে। স্বাক্ষরিত/- সিভিল সার্জন, পঞ্চগড়।
সূত্র: আমারদেশ ১৪/১০/২০২৫ইং পৃষ্ঠা-০৭
কোল পাওয়ার জেনারেশন কোম্পানী বাংলাদেশ
শেষ পৃষ্ঠার পর
গ্রেড: ২-১১নং ক্রমিকের ক্ষেত্রে ২০-৩৫ বছর এবং ১২-১৩নং ক্রমিকের ক্ষেত্রে ১৮-৩০ বছর। ভাতা ও অন্যান্য সুবিধা: সিপিজিসিবিএল কর্তৃক প্রবিধানমালা অনুযায়ী বেতন-ভাতা, বাড়ি ভাড়া ভাতা, চিকিৎসা ভাতা, উৎসব ভাতা, বাংলা নববর্ষ ভাতা, শ্রান্তি বিনোদন ভাতা, ভবিষ্য তহবিল, গ্র্যাচুইটি, বাৎসরিক কর্মমূল্যায়ন (Performance Appraisal) এর ভিত্তিতে প্রণোদনা বোনাস ইত্যাদি সুবিধা প্রদান করা হবে। সাধারণ শর্তাবলি: সরকারি, আধা-সরকারি ও স্বায়ত্তশাসিত প্রতিষ্ঠানে কর্মরত প্রার্থীদের যথাযথ কর্তৃপক্ষের মাধ্যমে আবেদন করতে হবে। অনলাইনে আবেদন করার নিয়মাবলি: প্রার্থীদের http://cpgcbl.teletalk.com.bd ওয়েবসাইটের মাধ্যমে আবেদন করতে হবে। অনলাইনে আবেদন ফরম পূরণের সময়সীমা: ১৫/১০/২০২৫ হতে ০৫/১১/২০২৫ খ্রি. তারিখ (রাত ১১:৫৯ ঘটিকা) পর্যন্ত। আবেদন ফরম Submit করার পর প্রার্থীকে পরীক্ষার ফি জমা দিতে হবে। SMS এর মাধ্যমে পরীক্ষার ফি প্রদান: Applicant's Copy তে একটি User ID নম্বর দেওয়া থাকবে। প্রথম SMS: CPGCBL <Space> User ID লিখে Send করতে হবে 16222 নম্বরে। দ্বিতীয় SMS: CPGCBL <Space> Yes <Space> PIN লিখে send করতে হবে 16222 নম্বরে। প্রবেশপত্র প্রাপ্তির বিষয়টি http://cpgcbl.teletalk.com.bd ওয়েবসাইটে এবং প্রার্থীর মোবাইল ফোনে SMS এর মাধ্যমে জানানো হবে। পরীক্ষার তারিখ, সময় ও স্থান https://cpgcbl.gov.bd ওয়েবসাইটে প্রকাশ করা হবে। স্বাক্ষরিত/- উপমহাব্যবস্থাপক (মানবসম্পদ), কোল পাওয়ার জেনারেশন কোম্পানী বাংলাদেশ লিমিটেড।
সূত্র: যুগান্তর ১৩/১০/২০২৫ইং পৃষ্ঠা-১১
জেলা প্রশাসকের কার্যালয় পাবনা
শেষ পৃষ্ঠার পর
SMS প্রেরণের নিয়মাবলী ও পরীক্ষার ফি প্রদান: Applicant's Copy তে একটি User ID দেয়া থাকবে এবং User ID নম্বর ব্যবহার করে প্রার্থী নিম্নোক্ত পদ্ধতিতে যে কোন Teletalk Pre-Paid Mobile নম্বরের মাধ্যমে ০২টি SMS করে পরীক্ষার ফি বাবদ নির্ধারিত টাকা অনধিক ৭২ ঘণ্টার মধ্যে জমা দিবেন। ক্রমিক ১ হতে ১০ নম্বর পদের জন্য পরীক্ষার ফি বাবদ ১০০/- টাকা ও অনলাইন চার্জ ১২/- টাকাসহ মোট ১১২/- টাকা এবং ক্রমিক ১১ হতে ১২ নম্বর পদের জন্য পরীক্ষার ফি বাবদ ৫০/- টাকা ও অনলাইন চার্জ ৬/- টাকাসহ মোট ৫৬/- টাকা। প্রথম SMS: DCPABNA <Space> User ID লিখে Send করতে হবে 16222 নম্বরে। দ্বিতীয় SMS: DCPABNA <Space> Yes <Space> PIN লিখে send করতে হবে 16222 নম্বরে। প্রবেশপত্র প্রাপ্তির বিষয়টি http://dcpabna.teletalk.com.bd ওয়েবসাইটে এবং প্রার্থীর মোবাইল ফোনে SMS এর মাধ্যমে জানানো হবে। SMS-এ প্রেরিত User ID এবং Password ব্যবহার করে প্রবেশপত্র প্রার্থী Download করে প্রিন্ট করবেন। লিখিত পরীক্ষায় উত্তীর্ণ প্রার্থীদের মৌখিক পরীক্ষার সময় নিম্নোক্ত কাগজপত্রের মূল কপি উপস্থাপন/দাখিল করতে হবে: ক) শিক্ষাগত যোগ্যতার সকল সনদ; খ) জাতীয় পরিচয়পত্র; গ) ইউনিয়ন পরিষদের চেয়ারম্যান/পৌরসভার মেয়র/সিটি কর্পোরেশনের কাউন্সিলর কর্তৃক প্রদত্ত নাগরিকত্ব সনদ; ঘ) প্রথম শ্রেণির গেজেটেড কর্মকর্তা কর্তৃক প্রদত্ত চারিত্রিক সনদ; ঙ) প্রযোজ্য ক্ষেত্রে কোটার প্রমাণক সনদ। নিয়োগের ক্ষেত্রে সরকারের বিধি-বিধান অনুসরণ করা হবে। পরীক্ষার তারিখ, সময় ও স্থান www.pabna.gov.bd ওয়েবসাইটে প্রকাশ করা হবে। স্বাক্ষরিত/- জেলা প্রশাসক, পাবনা। ফোন: ০২৫৮৮৮৪২২০১, ই-মেইল: dcpabna@mopa.gov.bd
সূত্র: আমারদেশ ২০/১০/২০২৫ইং পৃষ্ঠা-১৩
